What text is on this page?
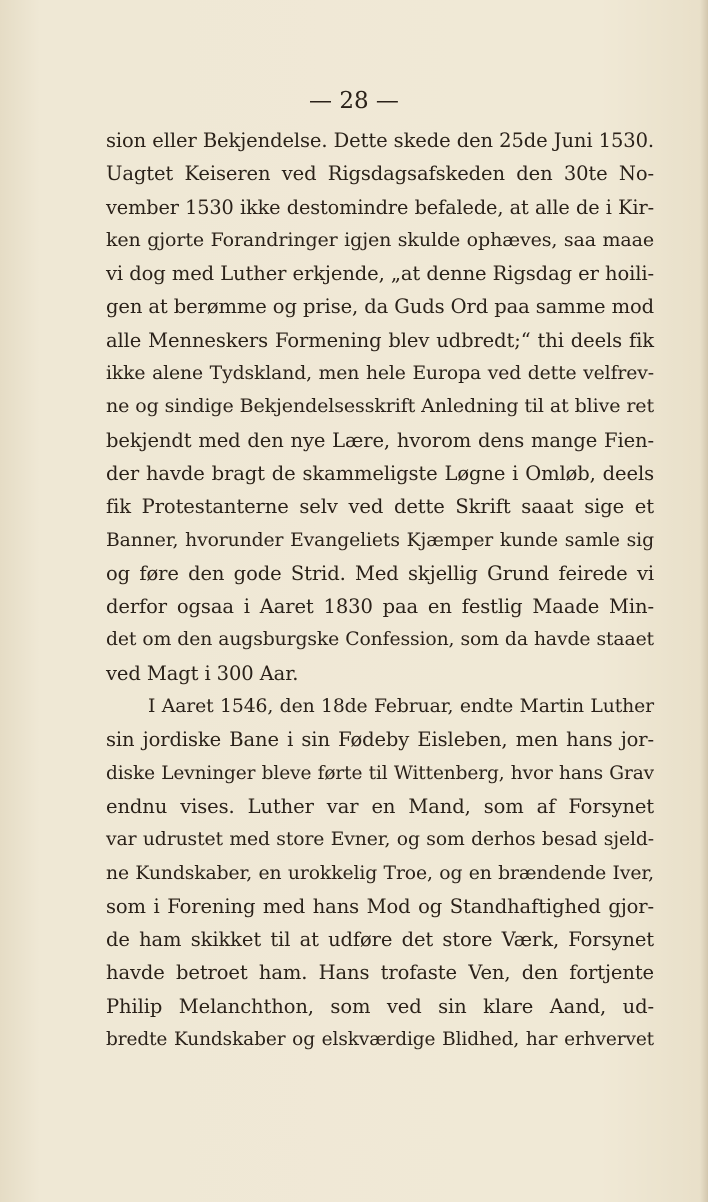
— 28 —
sion eller Bekjendelse. Dette skede den 25de Juni 1530.
Uagtet Keiseren ved Rigsdagsafskeden den 30te No-
vember 1530 ikke destomindre befalede, at alle de i Kir-
ken gjorte Forandringer igjen skulde ophæves, saa maae
vi dog med Luther erkjende, „at denne Rigsdag er hoili-
gen at berømme og prise, da Guds Ord paa samme mod
alle Menneskers Formening blev udbredt;“ thi deels fik
ikke alene Tydskland, men hele Europa ved dette velfrev-
ne og sindige Bekjendelsesskrift Anledning til at blive ret
bekjendt med den nye Lære, hvorom dens mange Fien-
der havde bragt de skammeligste Løgne i Omløb, deels
fik Protestanterne selv ved dette Skrift saaat sige et
Banner, hvorunder Evangeliets Kjæmper kunde samle sig
og føre den gode Strid. Med skjellig Grund feirede vi
derfor ogsaa i Aaret 1830 paa en festlig Maade Min-
det om den augsburgske Confession, som da havde staaet
ved Magt i 300 Aar.
I Aaret 1546, den 18de Februar, endte Martin Luther
sin jordiske Bane i sin Fødeby Eisleben, men hans jor-
diske Levninger bleve førte til Wittenberg, hvor hans Grav
endnu vises. Luther var en Mand, som af Forsynet
var udrustet med store Evner, og som derhos besad sjeld-
ne Kundskaber, en urokkelig Troe, og en brændende Iver,
som i Forening med hans Mod og Standhaftighed gjor-
de ham skikket til at udføre det store Værk, Forsynet
havde betroet ham. Hans trofaste Ven, den fortjente
Philip Melanchthon, som ved sin klare Aand, ud-
bredte Kundskaber og elskværdige Blidhed, har erhvervet
